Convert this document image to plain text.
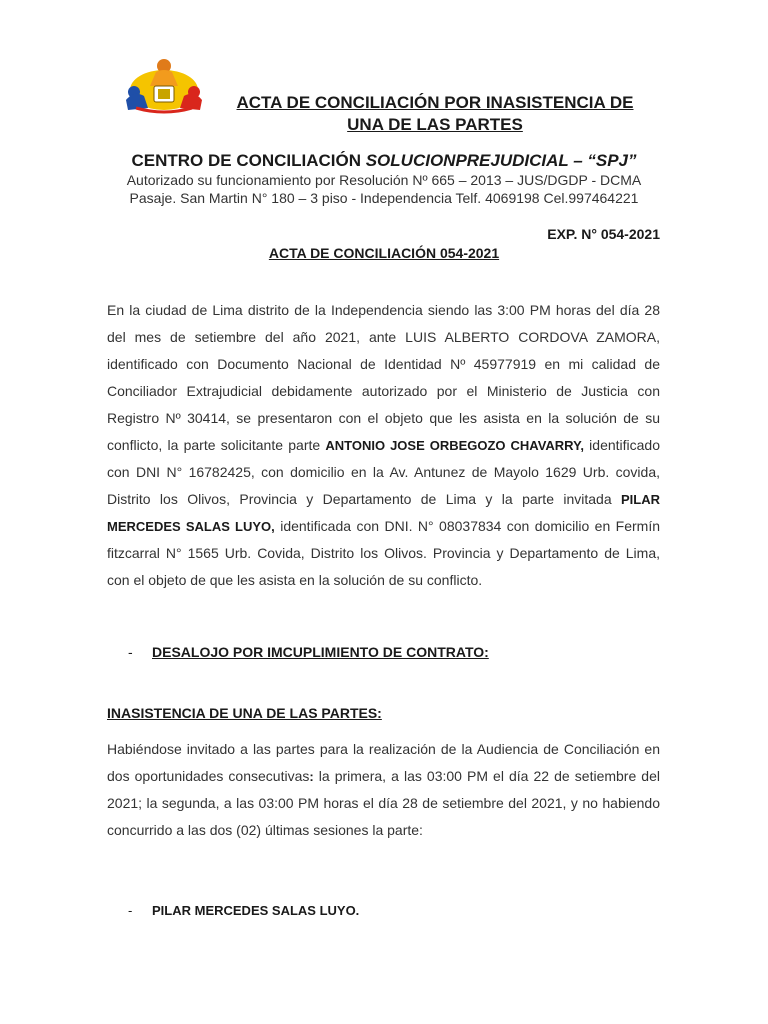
ACTA DE CONCILIACIÓN POR INASISTENCIA DE
UNA DE LAS PARTES
CENTRO DE CONCILIACIÓN SOLUCIONPREJUDICIAL – “SPJ”
Autorizado su funcionamiento por Resolución Nº 665 – 2013 – JUS/DGDP - DCMA
Pasaje. San Martin N° 180 – 3 piso - Independencia Telf. 4069198 Cel.997464221
EXP. N° 054-2021
ACTA DE CONCILIACIÓN 054-2021
En la ciudad de Lima distrito de la Independencia siendo las 3:00 PM horas del día 28 del mes de setiembre del año 2021, ante LUIS ALBERTO CORDOVA ZAMORA, identificado con Documento Nacional de Identidad Nº 45977919 en mi calidad de Conciliador Extrajudicial debidamente autorizado por el Ministerio de Justicia con Registro Nº 30414, se presentaron con el objeto que les asista en la solución de su conflicto, la parte solicitante parte ANTONIO JOSE ORBEGOZO CHAVARRY, identificado con DNI N° 16782425, con domicilio en la Av. Antunez de Mayolo 1629 Urb. covida, Distrito los Olivos, Provincia y Departamento de Lima y la parte invitada PILAR MERCEDES SALAS LUYO, identificada con DNI. N° 08037834 con domicilio en Fermín fitzcarral N° 1565 Urb. Covida, Distrito los Olivos. Provincia y Departamento de Lima, con el objeto de que les asista en la solución de su conflicto.
- DESALOJO POR IMCUPLIMIENTO DE CONTRATO:
INASISTENCIA DE UNA DE LAS PARTES:
Habiéndose invitado a las partes para la realización de la Audiencia de Conciliación en dos oportunidades consecutivas: la primera, a las 03:00 PM el día 22 de setiembre del 2021; la segunda, a las 03:00 PM horas el día 28 de setiembre del 2021, y no habiendo concurrido a las dos (02) últimas sesiones la parte:
- PILAR MERCEDES SALAS LUYO.
